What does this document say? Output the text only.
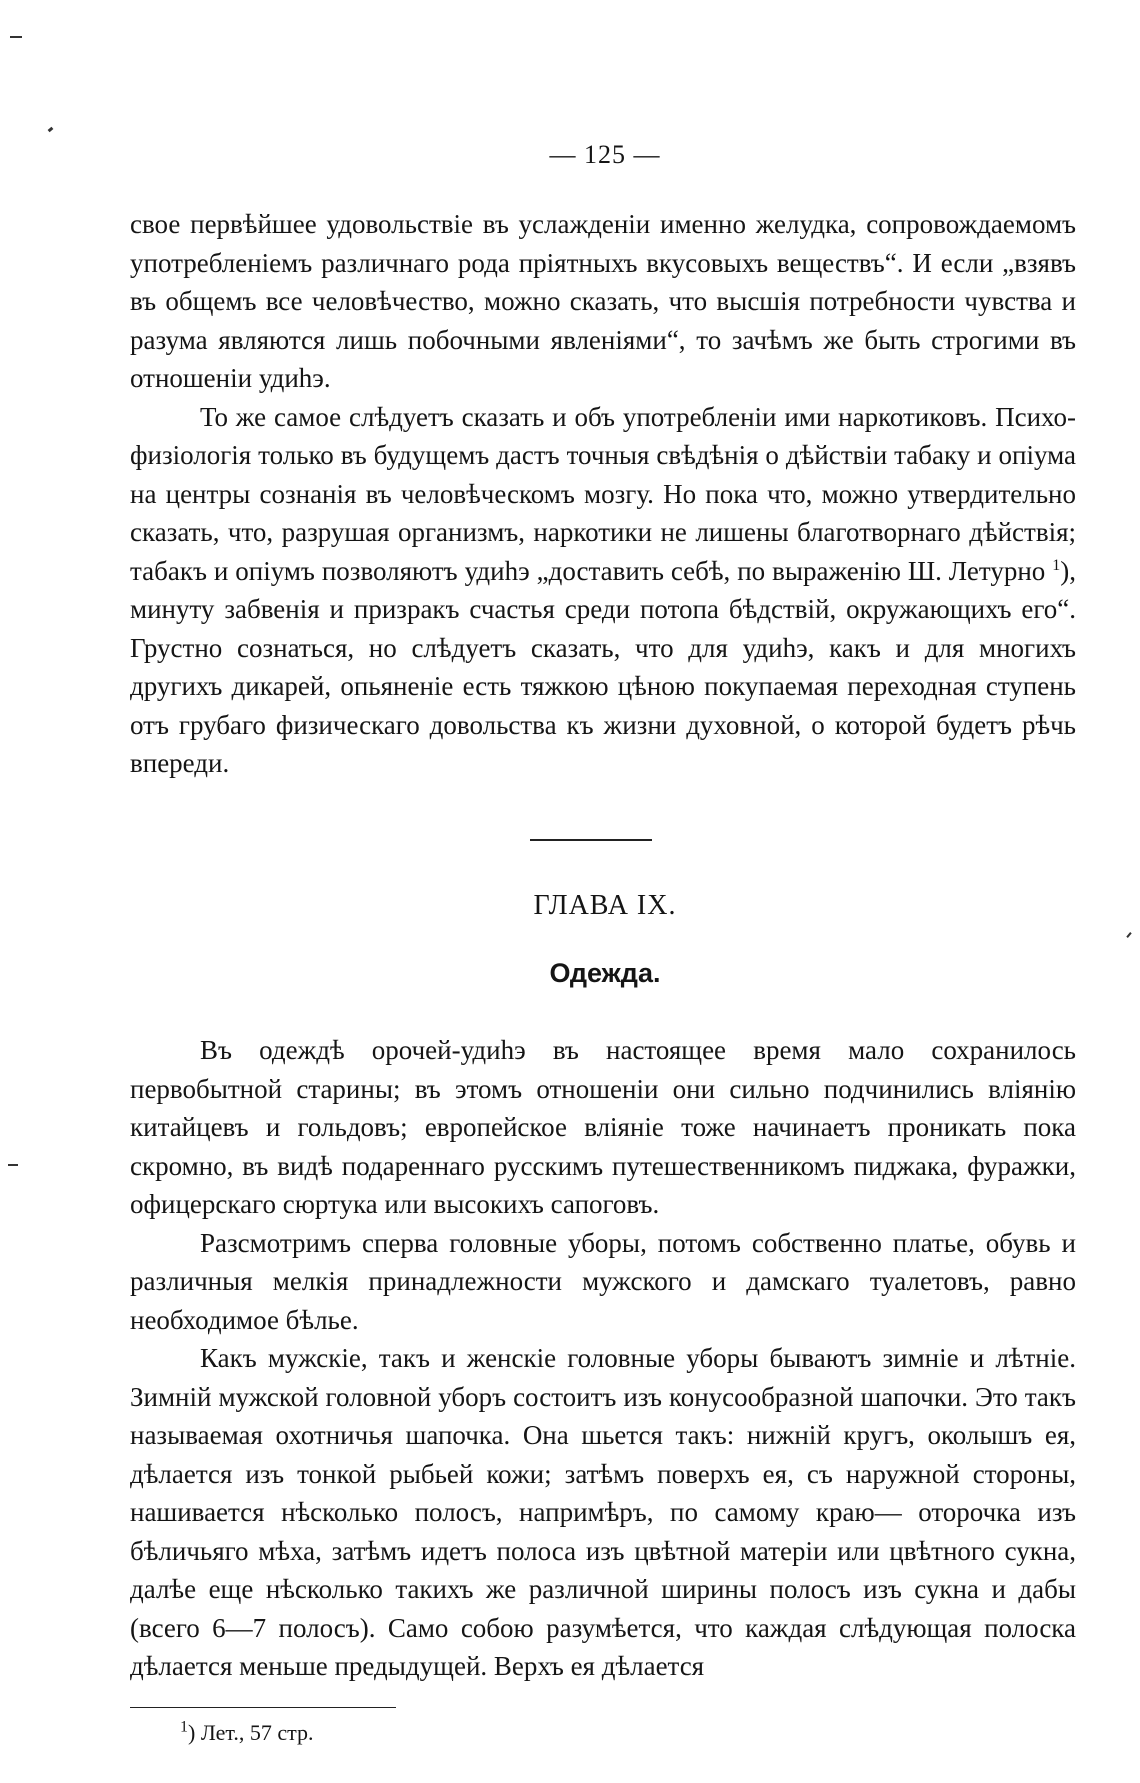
— 125 —

свое первѣйшее удовольствіе въ услажденіи именно желудка, сопровождаемомъ употребленіемъ различнаго рода пріятныхъ вкусовыхъ веществъ“. И если „взявъ въ общемъ все человѣчество, можно сказать, что высшія потребности чувства и разума являются лишь побочными явленіями“, то зачѣмъ же быть строгими въ отношеніи удиһэ.

То же самое слѣдуетъ сказать и объ употребленіи ими наркотиковъ. Психо-физіологія только въ будущемъ дастъ точныя свѣдѣнія о дѣйствіи табаку и опіума на центры сознанія въ человѣческомъ мозгу. Но пока что, можно утвердительно сказать, что, разрушая организмъ, наркотики не лишены благотворнаго дѣйствія; табакъ и опіумъ позволяютъ удиһэ „доставить себѣ, по выраженію Ш. Летурно $^1$), минуту забвенія и призракъ счастья среди потопа бѣдствій, окружающихъ его“. Грустно сознаться, но слѣдуетъ сказать, что для удиһэ, какъ и для многихъ другихъ дикарей, опьяненіе есть тяжкою цѣною покупаемая переходная ступень отъ грубаго физическаго довольства къ жизни духовной, о которой будетъ рѣчь впереди.

ГЛАВА IX.
Одежда.

Въ одеждѣ орочей-удиһэ въ настоящее время мало сохранилось первобытной старины; въ этомъ отношеніи они сильно подчинились вліянію китайцевъ и гольдовъ; европейское вліяніе тоже начинаетъ проникать пока скромно, въ видѣ подареннаго русскимъ путешественникомъ пиджака, фуражки, офицерскаго сюртука или высокихъ сапоговъ.

Разсмотримъ сперва головные уборы, потомъ собственно платье, обувь и различныя мелкія принадлежности мужского и дамскаго туалетовъ, равно необходимое бѣлье.

Какъ мужскіе, такъ и женскіе головные уборы бываютъ зимніе и лѣтніе. Зимній мужской головной уборъ состоитъ изъ конусообразной шапочки. Это такъ называемая охотничья шапочка. Она шьется такъ: нижній кругъ, околышъ ея, дѣлается изъ тонкой рыбьей кожи; затѣмъ поверхъ ея, съ наружной стороны, нашивается нѣсколько полосъ, напримѣръ, по самому краю— оторочка изъ бѣличьяго мѣха, затѣмъ идетъ полоса изъ цвѣтной матеріи или цвѣтного сукна, далѣе еще нѣсколько такихъ же различной ширины полосъ изъ сукна и дабы (всего 6—7 полосъ). Само собою разумѣется, что каждая слѣдующая полоска дѣлается меньше предыдущей. Верхъ ея дѣлается

$^1$) Лет., 57 стр.
